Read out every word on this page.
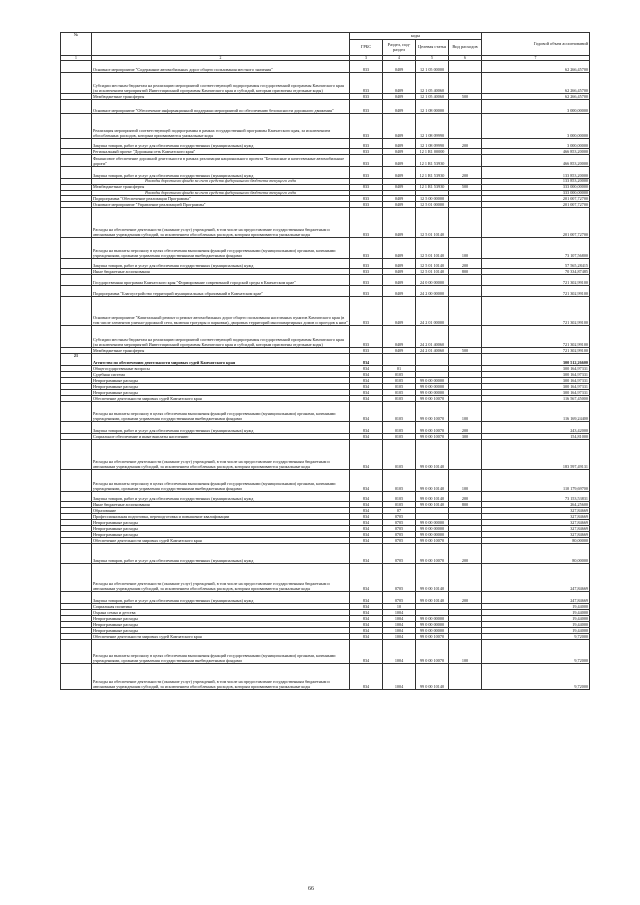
№		коды				Годовой объем ассигнований
		ГРБС	Раздел, под-раздел	Целевая статья	Вид расходов	
1	2	3	4	5	6	7
	Основное мероприятие "Содержание автомобильных дорог общего пользования местного значения"	833	0409	12 1 05 00000		62 266,45700
	Субсидии местным бюджетам на реализацию мероприятий соответствующей подпрограммы государственной программы Камчатского края (за исключением мероприятий Инвестиционной программы Камчатского края и субсидий, которым присвоены отдельные коды)	833	0409	12 1 05 40060		62 266,45700
	Межбюджетные трансферты	833	0409	12 1 05 40060	500	62 266,45700
	Основное мероприятие "Обеспечение информационной поддержки мероприятий по обеспечению безопасности дорожного движения"	833	0409	12 1 08 00000		3 000,00000
	Реализация мероприятий соответствующей подпрограммы в рамках государственной программы Камчатского края, за исключением обособленных расходов, которым присваиваются уникальные коды	833	0409	12 1 08 09990		3 000,00000
	Закупка товаров, работ и услуг для обеспечения государственных (муниципальных) нужд	833	0409	12 1 08 09990	200	3 000,00000
	Региональный проект "Дорожная сеть Камчатского края"	833	0409	12 1 R1 00000		466 853,20000
	Финансовое обеспечение дорожной деятельности в рамках реализации национального проекта "Безопасные и качественные автомобильные дороги"	833	0409	12 1 R1 53930		466 853,20000
	Закупка товаров, работ и услуг для обеспечения государственных (муниципальных) нужд	833	0409	12 1 R1 53930	200	133 853,20000
	Расходы дорожного фонда за счет средств федерального бюджета текущего года					133 853,20000
	Межбюджетные трансферты	833	0409	12 1 R1 53930	500	333 000,00000
	Расходы дорожного фонда за счет средств федерального бюджета текущего года					333 000,00000
	Подпрограмма "Обеспечение реализации Программы"	833	0409	12 5 00 00000		201 007,72700
	Основное мероприятие "Управление реализацией Программы"	833	0409	12 5 01 00000		201 007,72700
	Расходы на обеспечение деятельности (оказание услуг) учреждений, в том числе на предоставление государственным бюджетным и автономным учреждениям субсидий, за исключением обособленных расходов, которым присваиваются уникальные коды	833	0409	12 5 01 10140		201 007,72700
	Расходы на выплаты персоналу в целях обеспечения выполнения функций государственными (муниципальными) органами, казенными учреждениями, органами управления государственными внебюджетными фондами	833	0409	12 5 01 10140	100	73 107,56800
	Закупка товаров, работ и услуг для обеспечения государственных (муниципальных) нужд	833	0409	12 5 01 10140	200	57 565,28415
	Иные бюджетные ассигнования	833	0409	12 5 01 10140	800	70 334,87485
	Государственная программа Камчатского края "Формирование современной городской среды в Камчатском крае"	833	0409	24 0 00 00000		721 302,99100
	Подпрограмма "Благоустройство территорий муниципальных образований в Камчатском крае"	833	0409	24 2 00 00000		721 302,99100
	Основное мероприятие "Капитальный ремонт и ремонт автомобильных дорог общего пользования населенных пунктов Камчатского края (в том числе элементов улично-дорожной сети, включая тротуары и парковки), дворовых территорий многоквартирных домов и проездов к ним"	833	0409	24 2 01 00000		721 302,99100
	Субсидии местным бюджетам на реализацию мероприятий соответствующей подпрограммы государственной программы Камчатского края (за исключением мероприятий Инвестиционной программы Камчатского края и субсидий, которым присвоены отдельные коды)	833	0409	24 2 01 40060		721 302,99100
	Межбюджетные трансферты	833	0409	24 2 01 40060	500	721 302,99100
21	Агентство по обеспечению деятельности мировых судей Камчатского края	834				300 512,26600
	Общегосударственные вопросы	834	01			300 164,97331
	Судебная система	834	0105			300 164,97331
	Непрограммные расходы	834	0105	99 0 00 00000		300 164,97331
	Непрограммные расходы	834	0105	99 0 00 00000		300 164,97331
	Непрограммные расходы	834	0105	99 0 00 00000		300 164,97331
	Обеспечение деятельности мировых судей Камчатского края	834	0105	99 0 00 10070		116 567,45000
	Расходы на выплаты персоналу в целях обеспечения выполнения функций государственными (муниципальными) органами, казенными учреждениями, органами управления государственными внебюджетными фондами	834	0105	99 0 00 10070	100	116 169,24400
	Закупка товаров, работ и услуг для обеспечения государственных (муниципальных) нужд	834	0105	99 0 00 10070	200	243,42000
	Социальное обеспечение и иные выплаты населению	834	0105	99 0 00 10070	300	154,81000
	Расходы на обеспечение деятельности (оказание услуг) учреждений, в том числе на предоставление государственным бюджетным и автономным учреждениям субсидий, за исключением обособленных расходов, которым присваиваются уникальные коды	834	0105	99 0 00 10140		183 597,49131
	Расходы на выплаты персоналу в целях обеспечения выполнения функций государственными (муниципальными) органами, казенными учреждениями, органами управления государственными внебюджетными фондами	834	0105	99 0 00 10140	100	110 179,69700
	Закупка товаров, работ и услуг для обеспечения государственных (муниципальных) нужд	834	0105	99 0 00 10140	200	73 153,53831
	Иные бюджетные ассигнования	834	0105	99 0 00 10140	800	264,25600
	Образование	834	07			327,84669
	Профессиональная подготовка, переподготовка и повышение квалификации	834	0705			327,84669
	Непрограммные расходы	834	0705	99 0 00 00000		327,84669
	Непрограммные расходы	834	0705	99 0 00 00000		327,84669
	Непрограммные расходы	834	0705	99 0 00 00000		327,84669
	Обеспечение деятельности мировых судей Камчатского края	834	0705	99 0 00 10070		80,00000
	Закупка товаров, работ и услуг для обеспечения государственных (муниципальных) нужд	834	0705	99 0 00 10070	200	80,00000
	Расходы на обеспечение деятельности (оказание услуг) учреждений, в том числе на предоставление государственным бюджетным и автономным учреждениям субсидий, за исключением обособленных расходов, которым присваиваются уникальные коды	834	0705	99 0 00 10140		247,84669
	Закупка товаров, работ и услуг для обеспечения государственных (муниципальных) нужд	834	0705	99 0 00 10140	200	247,84669
	Социальная политика	834	10			19,44000
	Охрана семьи и детства	834	1004			19,44000
	Непрограммные расходы	834	1004	99 0 00 00000		19,44000
	Непрограммные расходы	834	1004	99 0 00 00000		19,44000
	Непрограммные расходы	834	1004	99 0 00 00000		19,44000
	Обеспечение деятельности мировых судей Камчатского края	834	1004	99 0 00 10070		9,72000
	Расходы на выплаты персоналу в целях обеспечения выполнения функций государственными (муниципальными) органами, казенными учреждениями, органами управления государственными внебюджетными фондами	834	1004	99 0 00 10070	100	9,72000
	Расходы на обеспечение деятельности (оказание услуг) учреждений, в том числе на предоставление государственным бюджетным и автономным учреждениям субсидий, за исключением обособленных расходов, которым присваиваются уникальные коды	834	1004	99 0 00 10140		9,72000
66
